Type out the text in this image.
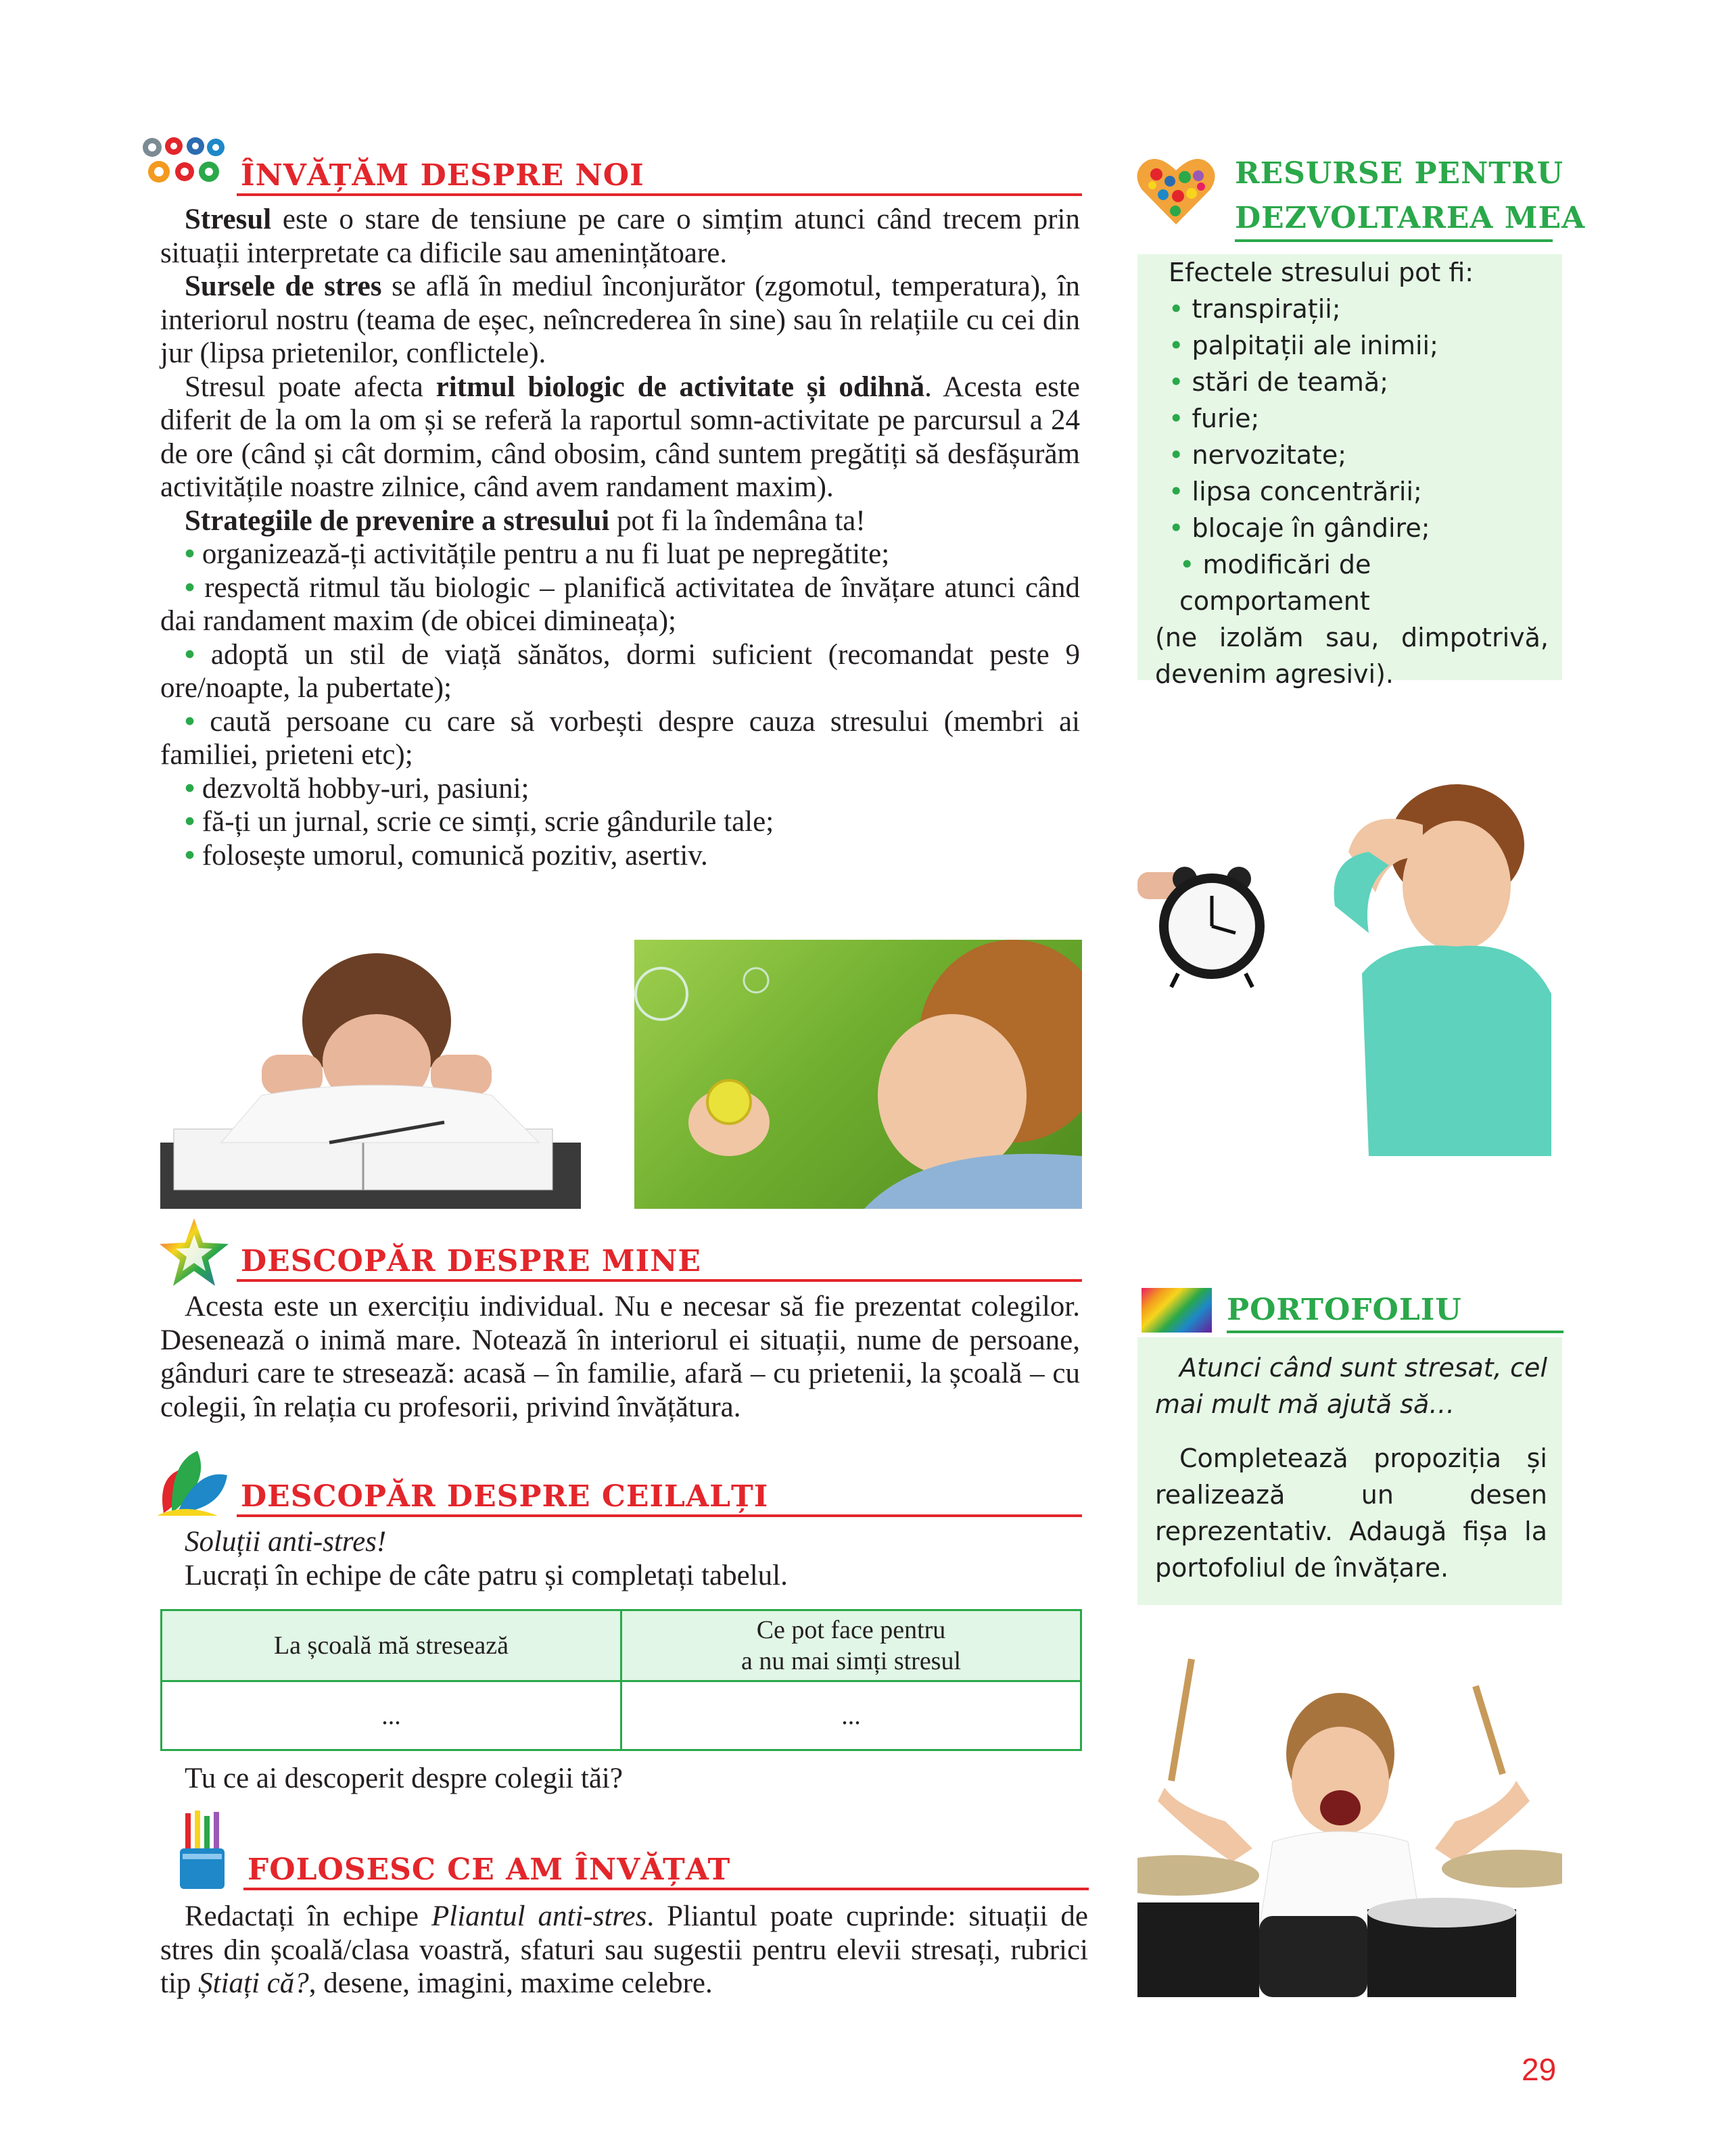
ÎNVĂȚĂM DESPRE NOI

Stresul este o stare de tensiune pe care o simțim atunci când trecem prin situații interpretate ca dificile sau amenințătoare.

Sursele de stres se află în mediul înconjurător (zgomotul, temperatura), în interiorul nostru (teama de eșec, neîncrederea în sine) sau în relațiile cu cei din jur (lipsa prietenilor, conflictele).

Stresul poate afecta ritmul biologic de activitate și odihnă. Acesta este diferit de la om la om și se referă la raportul somn-activitate pe parcursul a 24 de ore (când și cât dormim, când obosim, când suntem pregătiți să desfășurăm activitățile noastre zilnice, când avem randament maxim).

Strategiile de prevenire a stresului pot fi la îndemâna ta!

• organizează-ți activitățile pentru a nu fi luat pe nepregătite;

• respectă ritmul tău biologic – planifică activitatea de învățare atunci când dai randament maxim (de obicei dimineața);

• adoptă un stil de viață sănătos, dormi suficient (recomandat peste 9 ore/noapte, la pubertate);

• caută persoane cu care să vorbești despre cauza stresului (membri ai familiei, prieteni etc);

• dezvoltă hobby-uri, pasiuni;

• fă-ți un jurnal, scrie ce simți, scrie gândurile tale;

• folosește umorul, comunică pozitiv, asertiv.

RESURSE PENTRU
DEZVOLTAREA MEA
Efectele stresului pot fi:
• transpirații;
• palpitații ale inimii;
• stări de teamă;
• furie;
• nervozitate;
• lipsa concentrării;
• blocaje în gândire;
• modificări de comportament
(ne izolăm sau, dimpotrivă, devenim agresivi).
DESCOPĂR DESPRE MINE

Acesta este un exercițiu individual. Nu e necesar să fie prezentat colegilor. Desenează o inimă mare. Notează în interiorul ei situații, nume de persoane, gânduri care te stresează: acasă – în familie, afară – cu prietenii, la școală – cu colegii, în relația cu profesorii, privind învățătura.

PORTOFOLIU
Atunci când sunt stresat, cel mai mult mă ajută să…
Completează propoziția și realizează un desen reprezentativ. Adaugă fișa la portofoliul de învățare.
DESCOPĂR DESPRE CEILALȚI

Soluții anti-stres!

Lucrați în echipe de câte patru și completați tabelul.

La școală mă stresează	Ce pot face pentru
a nu mai simți stresul

...	...

Tu ce ai descoperit despre colegii tăi?

FOLOSESC CE AM ÎNVĂȚAT

Redactați în echipe Pliantul anti-stres. Pliantul poate cuprinde: situații de stres din școală/clasa voastră, sfaturi sau sugestii pentru elevii stresați, rubrici tip Știați că?, desene, imagini, maxime celebre.

29
